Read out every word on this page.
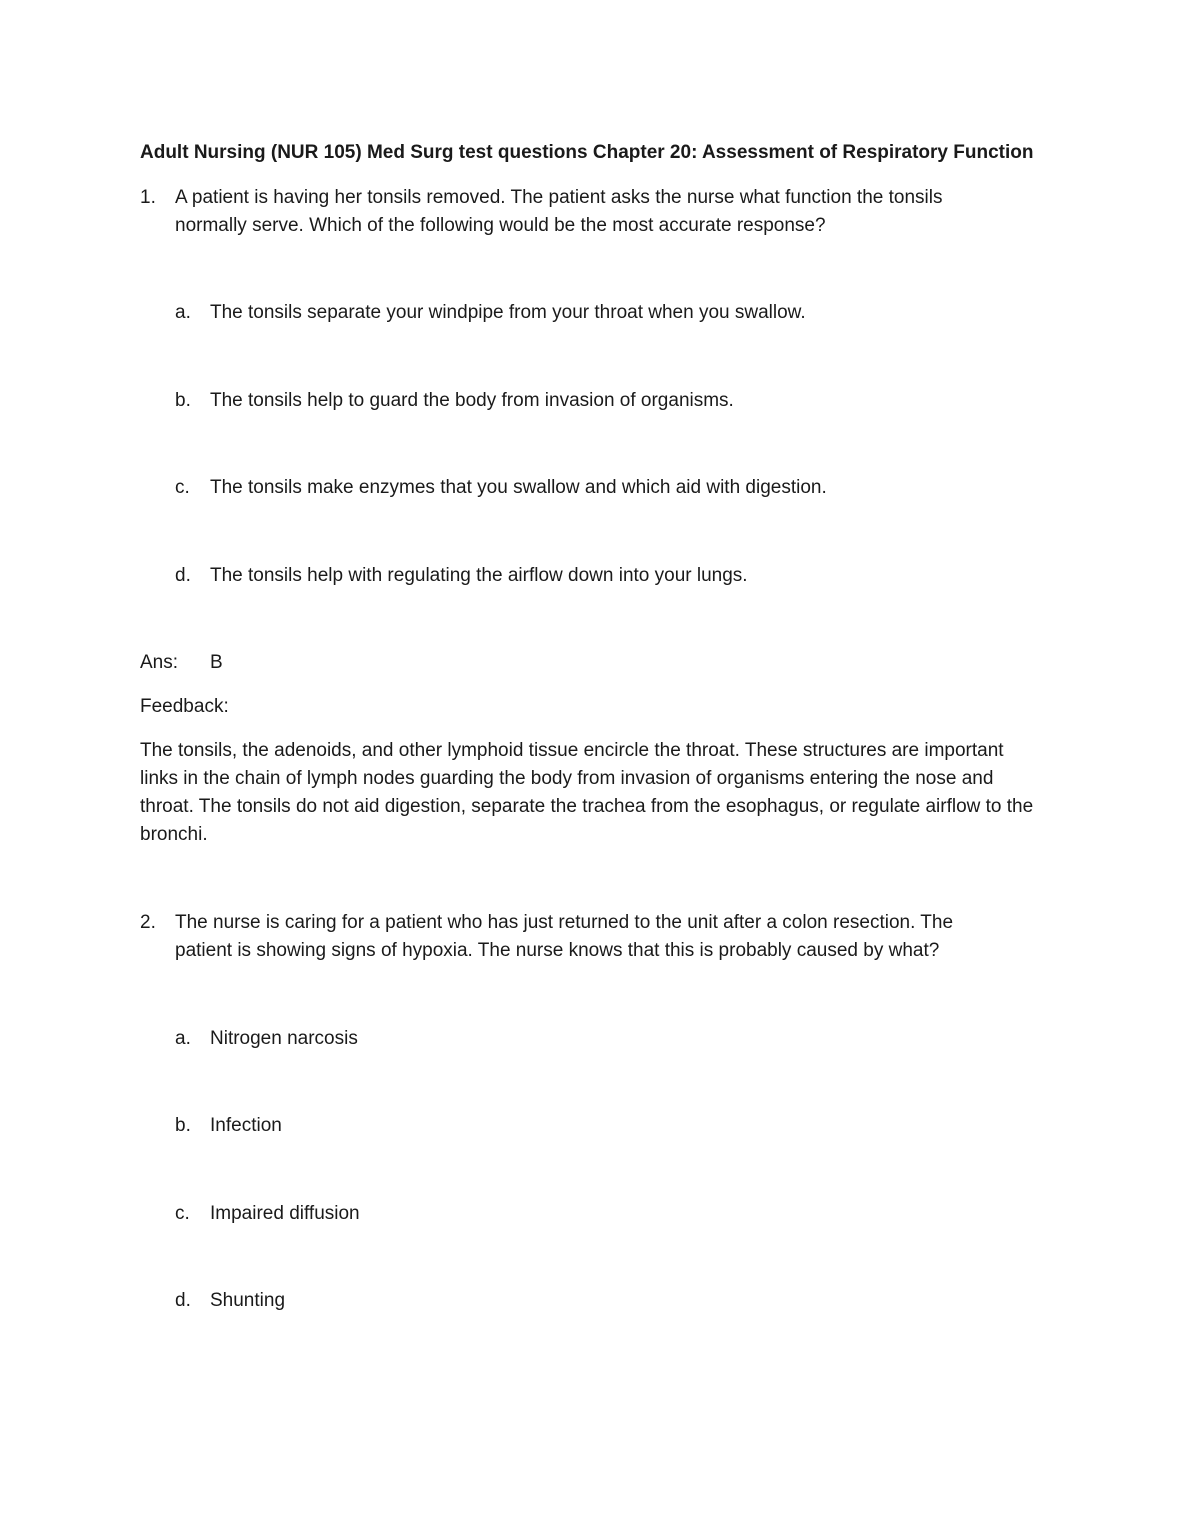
Adult Nursing (NUR 105) Med Surg test questions Chapter 20: Assessment of Respiratory Function
1. A patient is having her tonsils removed. The patient asks the nurse what function the tonsils normally serve. Which of the following would be the most accurate response?
a. The tonsils separate your windpipe from your throat when you swallow.
b. The tonsils help to guard the body from invasion of organisms.
c. The tonsils make enzymes that you swallow and which aid with digestion.
d. The tonsils help with regulating the airflow down into your lungs.
Ans: B
Feedback:
The tonsils, the adenoids, and other lymphoid tissue encircle the throat. These structures are important links in the chain of lymph nodes guarding the body from invasion of organisms entering the nose and throat. The tonsils do not aid digestion, separate the trachea from the esophagus, or regulate airflow to the bronchi.
2. The nurse is caring for a patient who has just returned to the unit after a colon resection. The patient is showing signs of hypoxia. The nurse knows that this is probably caused by what?
a. Nitrogen narcosis
b. Infection
c. Impaired diffusion
d. Shunting
